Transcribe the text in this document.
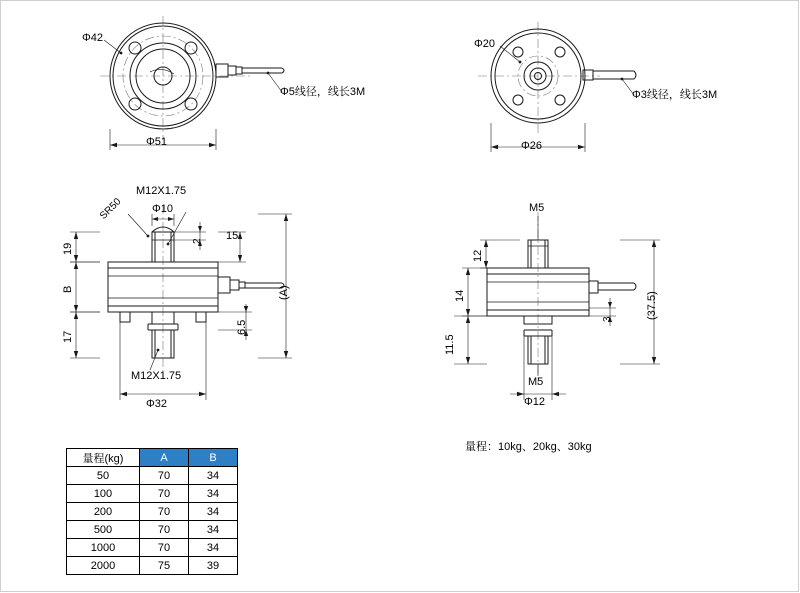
Φ42
Φ51
Φ5线径，线长3M
Φ20
Φ26
Φ3线径，线长3M
SR50
M12X1.75
Φ10
2 15
19
B
17
(A)
6.5
M12X1.75
Φ32
M5
12
14
11.5
3	(37.5)
M5
Φ12
量程：10kg、20kg、30kg
量程(kg)	A	B
50	70	34
100	70	34
200	70	34
500	70	34
1000	70	34
2000	75	39
